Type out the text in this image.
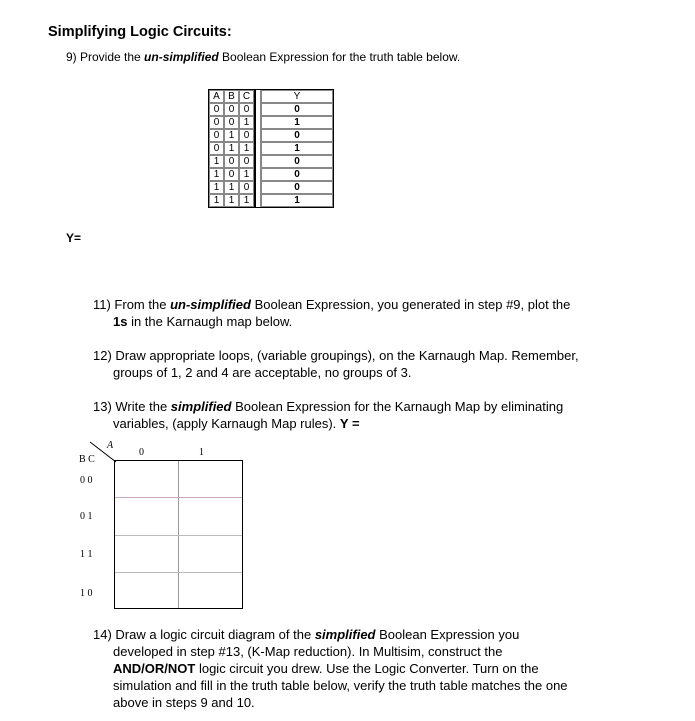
Simplifying Logic Circuits:
9) Provide the un-simplified Boolean Expression for the truth table below.
A	B	C		Y
0	0	0		0
0	0	1		1
0	1	0		0
0	1	1		1
1	0	0		0
1	0	1		0
1	1	0		0
1	1	1		1
Y=
11) From the un-simplified Boolean Expression, you generated in step #9, plot the
1s in the Karnaugh map below.
12) Draw appropriate loops, (variable groupings), on the Karnaugh Map. Remember,
groups of 1, 2 and 4 are acceptable, no groups of 3.
13) Write the simplified Boolean Expression for the Karnaugh Map by eliminating
variables, (apply Karnaugh Map rules). Y =
A
B C
0	1
0 0
0 1
1 1
1 0
14) Draw a logic circuit diagram of the simplified Boolean Expression you
developed in step #13, (K-Map reduction). In Multisim, construct the
AND/OR/NOT logic circuit you drew. Use the Logic Converter. Turn on the
simulation and fill in the truth table below, verify the truth table matches the one
above in steps 9 and 10.
